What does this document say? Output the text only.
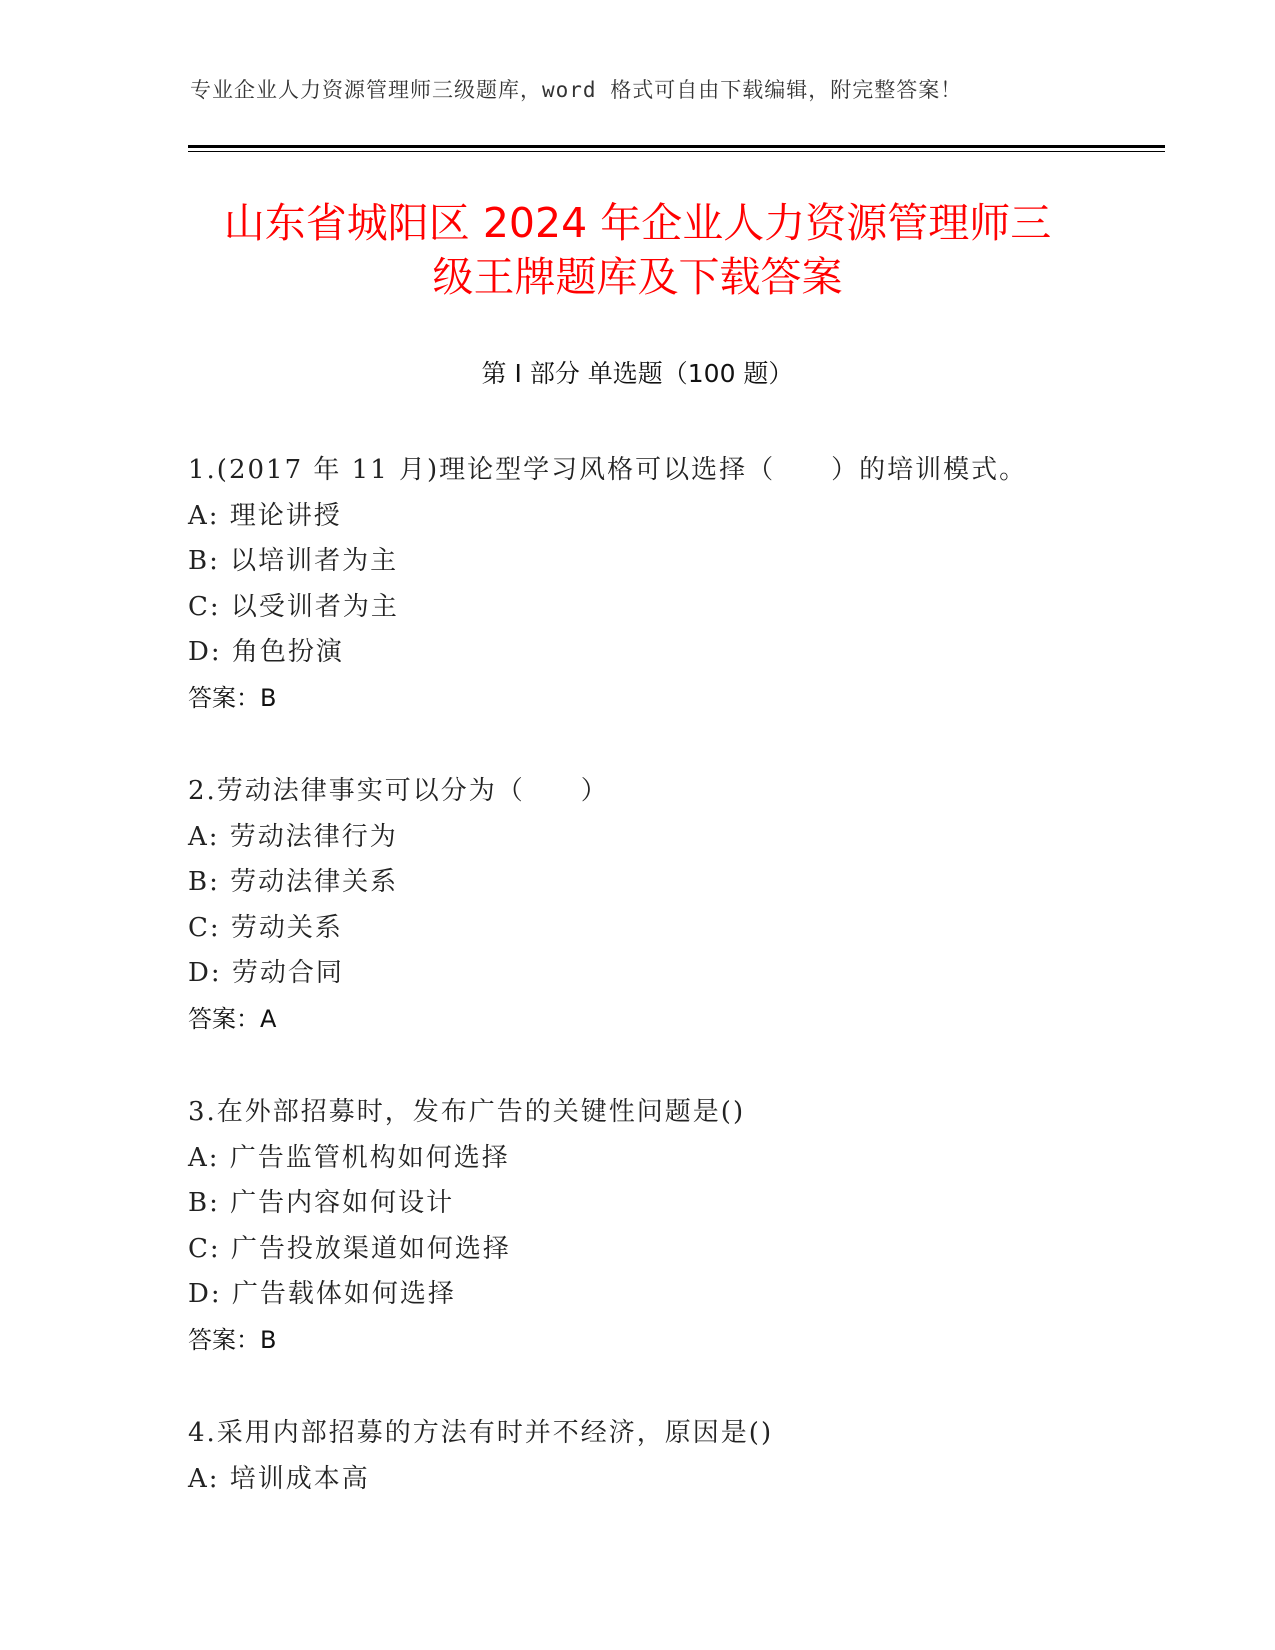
专业企业人力资源管理师三级题库，word 格式可自由下载编辑，附完整答案！
山东省城阳区 2024 年企业人力资源管理师三
级王牌题库及下载答案
第 I 部分 单选题（100 题）
1.(2017 年 11 月)理论型学习风格可以选择（　　）的培训模式。
A: 理论讲授
B: 以培训者为主
C: 以受训者为主
D: 角色扮演
答案：B
2.劳动法律事实可以分为（　　）
A: 劳动法律行为
B: 劳动法律关系
C: 劳动关系
D: 劳动合同
答案：A
3.在外部招募时，发布广告的关键性问题是()
A: 广告监管机构如何选择
B: 广告内容如何设计
C: 广告投放渠道如何选择
D: 广告载体如何选择
答案：B
4.采用内部招募的方法有时并不经济，原因是()
A: 培训成本高
